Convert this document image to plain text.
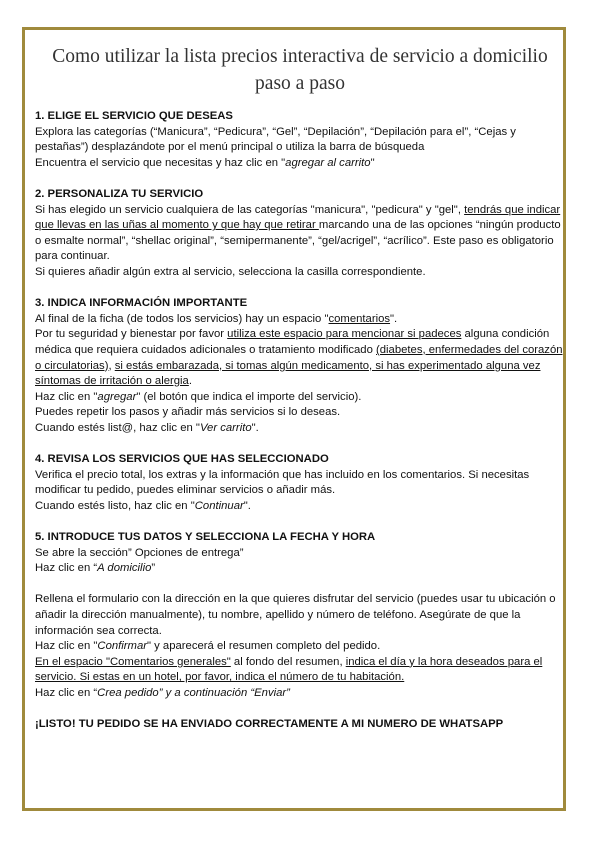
Como utilizar la lista precios interactiva de servicio a domicilio paso a paso
1. ELIGE EL SERVICIO QUE DESEAS
Explora las categorías (“Manicura”, “Pedicura”, “Gel”, “Depilación”, “Depilación para el”, “Cejas y pestañas”) desplazándote por el menú principal o utiliza la barra de búsqueda
Encuentra el servicio que necesitas y haz clic en "agregar al carrito"
2. PERSONALIZA TU SERVICIO
Si has elegido un servicio cualquiera de las categorías "manicura", "pedicura" y "gel", tendrás que indicar que llevas en las uñas al momento y que hay que retirar marcando una de las opciones “ningún producto o esmalte normal”, “shellac original”, “semipermanente”, “gel/acrigel”, “acrílico”. Este paso es obligatorio para continuar.
Si quieres añadir algún extra al servicio, selecciona la casilla correspondiente.
3. INDICA INFORMACIÓN IMPORTANTE
Al final de la ficha (de todos los servicios) hay un espacio "comentarios".
Por tu seguridad y bienestar por favor utiliza este espacio para mencionar si padeces alguna condición médica que requiera cuidados adicionales o tratamiento modificado (diabetes, enfermedades del corazón o circulatorias), si estás embarazada, si tomas algún medicamento, si has experimentado alguna vez síntomas de irritación o alergia.
Haz clic en "agregar" (el botón que indica el importe del servicio).
Puedes repetir los pasos y añadir más servicios si lo deseas.
Cuando estés list@, haz clic en "Ver carrito".
4. REVISA LOS SERVICIOS QUE HAS SELECCIONADO
Verifica el precio total, los extras y la información que has incluido en los comentarios. Si necesitas modificar tu pedido, puedes eliminar servicios o añadir más.
Cuando estés listo, haz clic en "Continuar".
5. INTRODUCE TUS DATOS Y SELECCIONA LA FECHA Y HORA
Se abre la sección” Opciones de entrega”
Haz clic en “A domicilio”
Rellena el formulario con la dirección en la que quieres disfrutar del servicio (puedes usar tu ubicación o añadir la dirección manualmente), tu nombre, apellido y número de teléfono. Asegúrate de que la información sea correcta.
Haz clic en "Confirmar" y aparecerá el resumen completo del pedido.
En el espacio "Comentarios generales" al fondo del resumen, indica el día y la hora deseados para el servicio. Si estas en un hotel, por favor, indica el número de tu habitación.
Haz clic en “Crea pedido” y a continuación “Enviar”
¡LISTO! TU PEDIDO SE HA ENVIADO CORRECTAMENTE A MI NUMERO DE WHATSAPP
